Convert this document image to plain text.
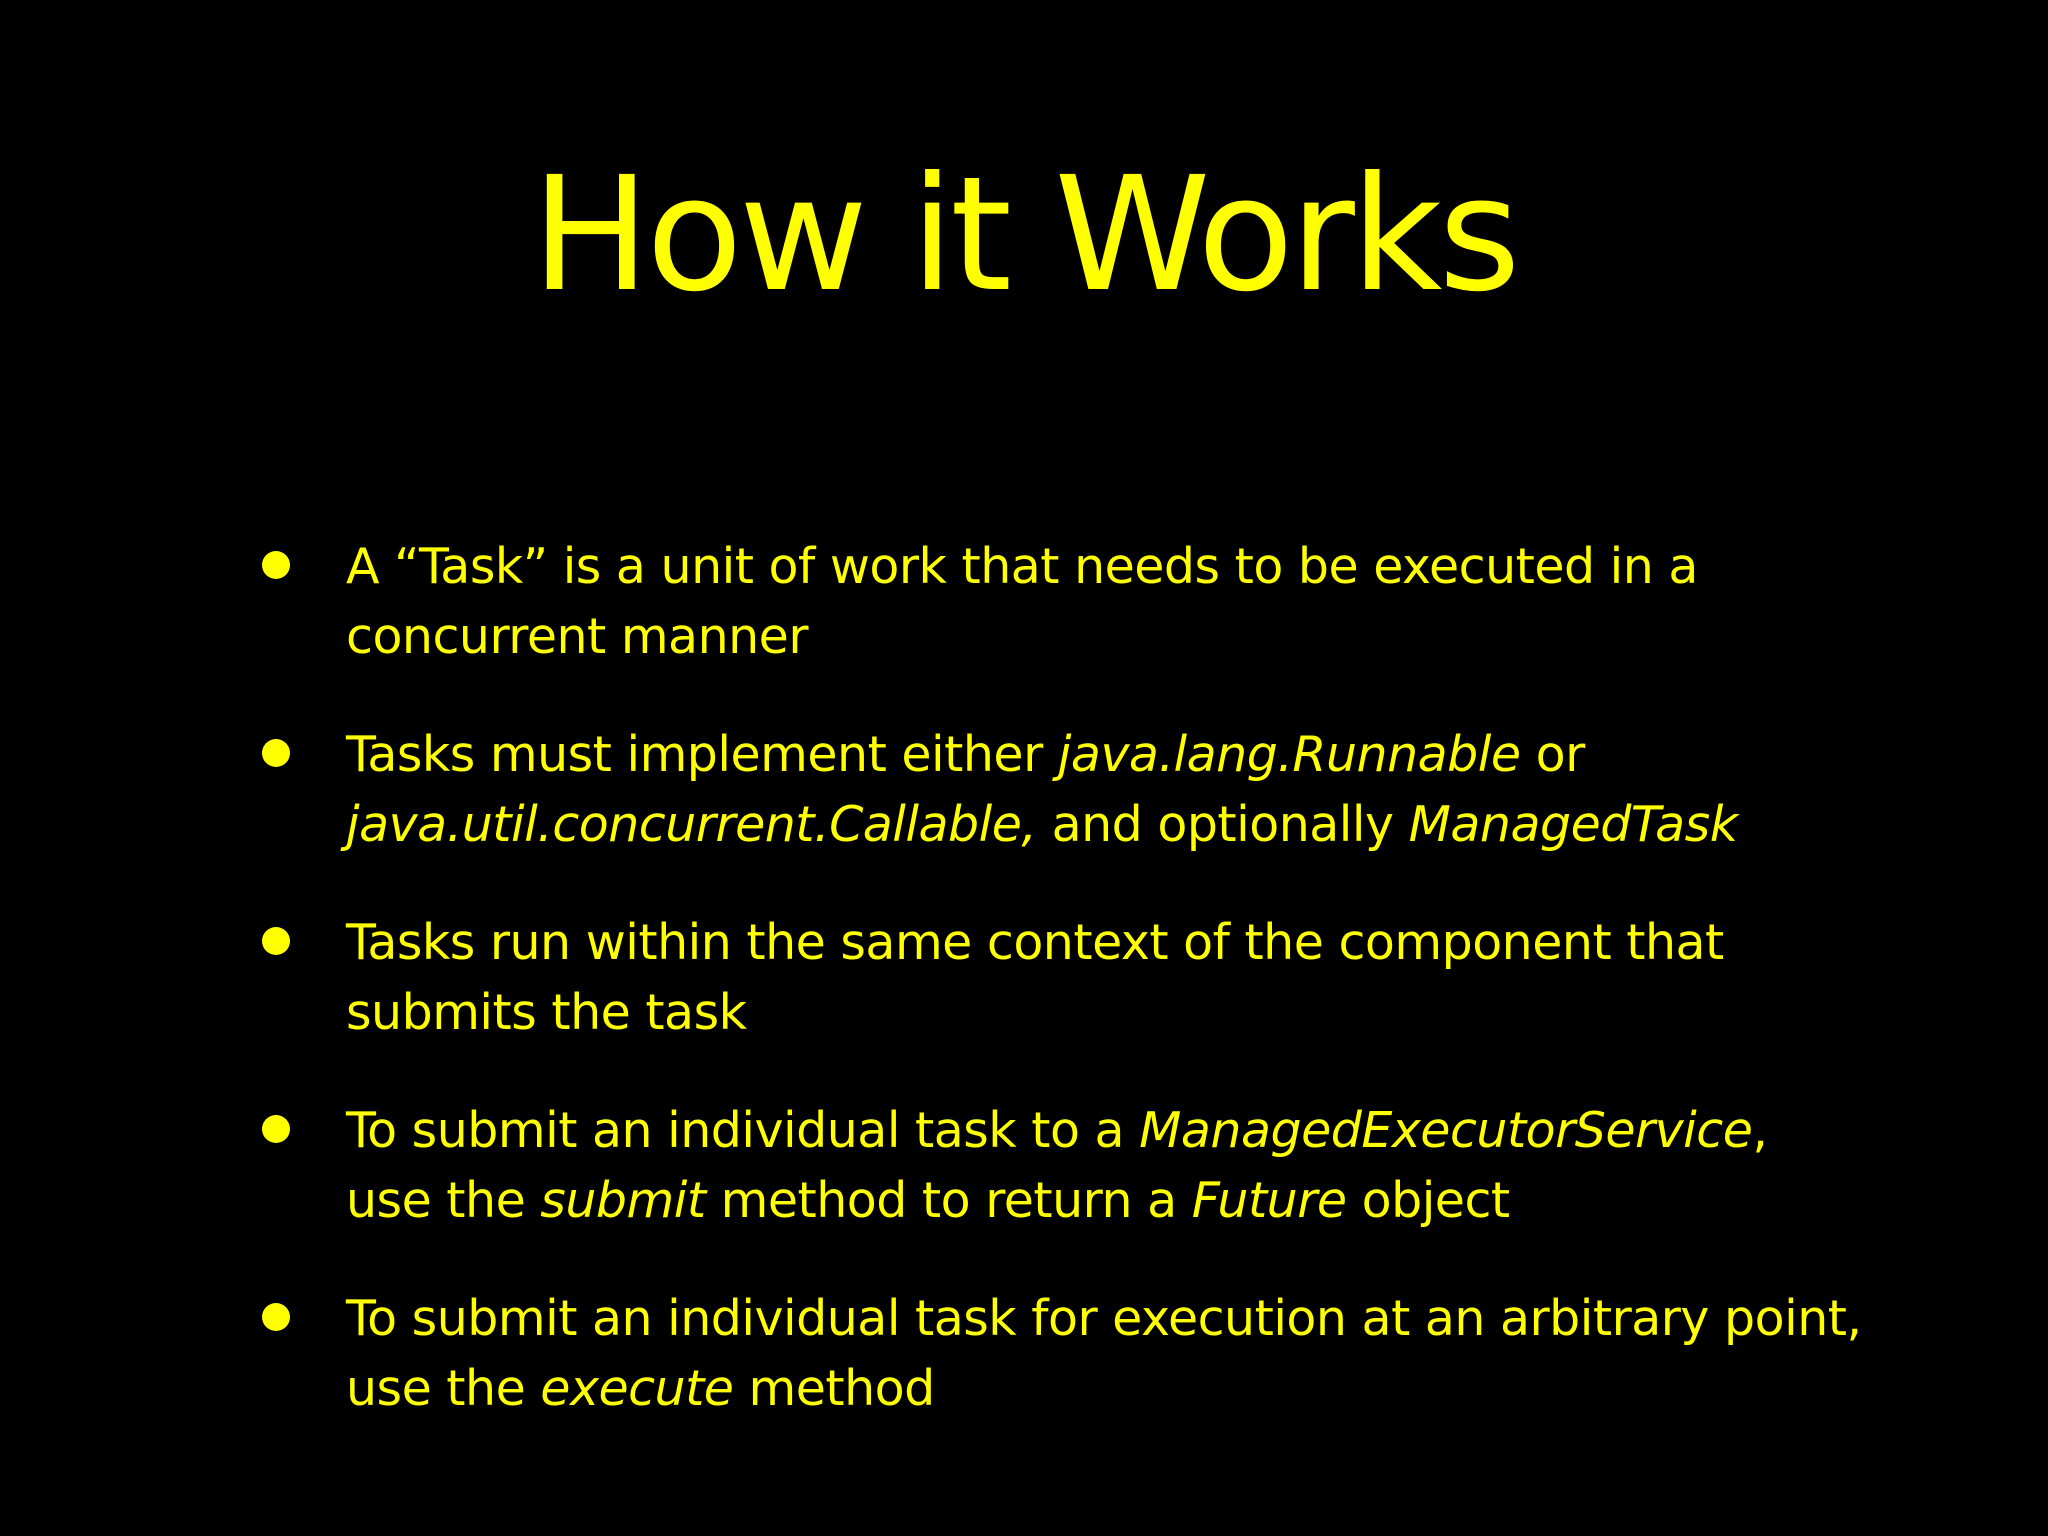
How it Works
A “Task” is a unit of work that needs to be executed in a concurrent manner
Tasks must implement either java.lang.Runnable or java.util.concurrent.Callable, and optionally ManagedTask
Tasks run within the same context of the component that submits the task
To submit an individual task to a ManagedExecutorService, use the submit method to return a Future object
To submit an individual task for execution at an arbitrary point, use the execute method
